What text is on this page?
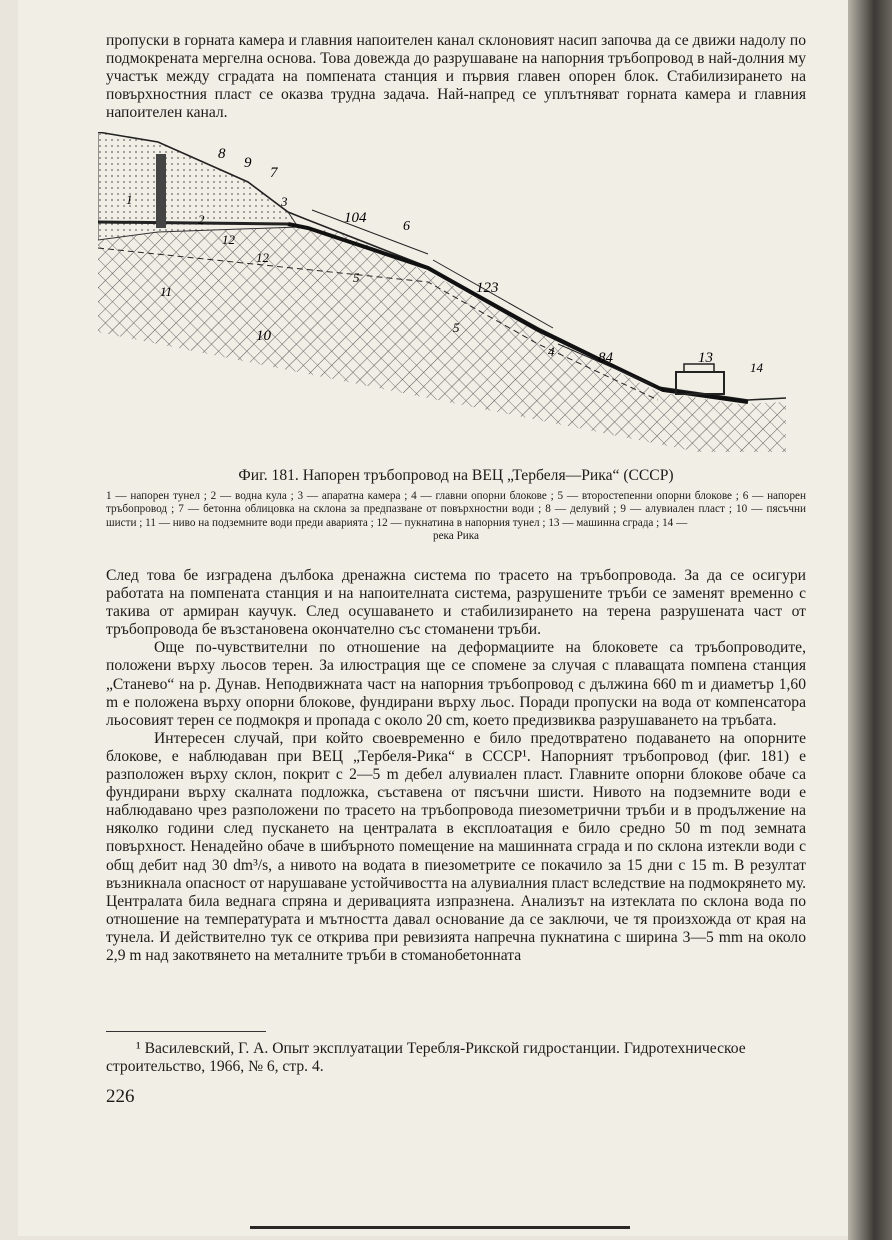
пропуски в горната камера и главния напоителен канал склоновият насип започва да се движи надолу по подмокрената мергелна основа. Това довежда до разрушаване на напорния тръбопровод в най-долния му участък между сградата на помпената станция и първия главен опорен блок. Стабилизирането на повърхностния пласт се оказва трудна задача. Най-напред се уплътняват горната камера и главния напоителен канал.

8
9
7
1	3
104
6
2
12
12
5
11
10
123
5
4	84	13
14
Фиг. 181. Напорен тръбопровод на ВЕЦ „Тербеля—Рика“ (СССР)
1 — напорен тунел ; 2 — водна кула ; 3 — апаратна камера ; 4 — главни опорни блокове ; 5 — второстепенни опорни блокове ; 6 — напорен тръбопровод ; 7 — бетонна облицовка на склона за предпазване от повърхностни води ; 8 — делувий ; 9 — алувиален пласт ; 10 — пясъчни шисти ; 11 — ниво на подземните води преди аварията ; 12 — пукнатина в напорния тунел ; 13 — машинна сграда ; 14 —
река Рика

След това бе изградена дълбока дренажна система по трасето на тръбопровода. За да се осигури работата на помпената станция и на напоителната система, разрушените тръби се заменят временно с такива от армиран каучук. След осушаването и стабилизирането на терена разрушената част от тръбопровода бе възстановена окончателно със стоманени тръби.

Още по-чувствителни по отношение на деформациите на блоковете са тръбопроводите, положени върху льосов терен. За илюстрация ще се спомене за случая с плаващата помпена станция „Станево“ на р. Дунав. Неподвижната част на напорния тръбопровод с дължина 660 m и диаметър 1,60 m е положена върху опорни блокове, фундирани върху льос. Поради пропуски на вода от компенсатора льосовият терен се подмокря и пропада с около 20 cm, което предизвиква разрушаването на тръбата.

Интересен случай, при който своевременно е било предотвратено подаването на опорните блокове, е наблюдаван при ВЕЦ „Тербеля-Рика“ в СССР¹. Напорният тръбопровод (фиг. 181) е разположен върху склон, покрит с 2—5 m дебел алувиален пласт. Главните опорни блокове обаче са фундирани върху скалната подложка, съставена от пясъчни шисти. Нивото на подземните води е наблюдавано чрез разположени по трасето на тръбопровода пиезометрични тръби и в продължение на няколко години след пускането на централата в експлоатация е било средно 50 m под земната повърхност. Ненадейно обаче в шибърното помещение на машинната сграда и по склона изтекли води с общ дебит над 30 dm³/s, а нивото на водата в пиезометрите се покачило за 15 дни с 15 m. В резултат възникнала опасност от нарушаване устойчивостта на алувиалния пласт вследствие на подмокрянето му. Централата била веднага спряна и деривацията изпразнена. Анализът на изтеклата по склона вода по отношение на температурата и мътността давал основание да се заключи, че тя произхожда от края на тунела. И действително тук се открива при ревизията напречна пукнатина с ширина 3—5 mm на около 2,9 m над закотвянето на металните тръби в стоманобетонната

¹ Василевский, Г. А. Опыт эксплуатации Теребля-Рикской гидростанции. Гидротехническое строительство, 1966, № 6, стр. 4.
226
